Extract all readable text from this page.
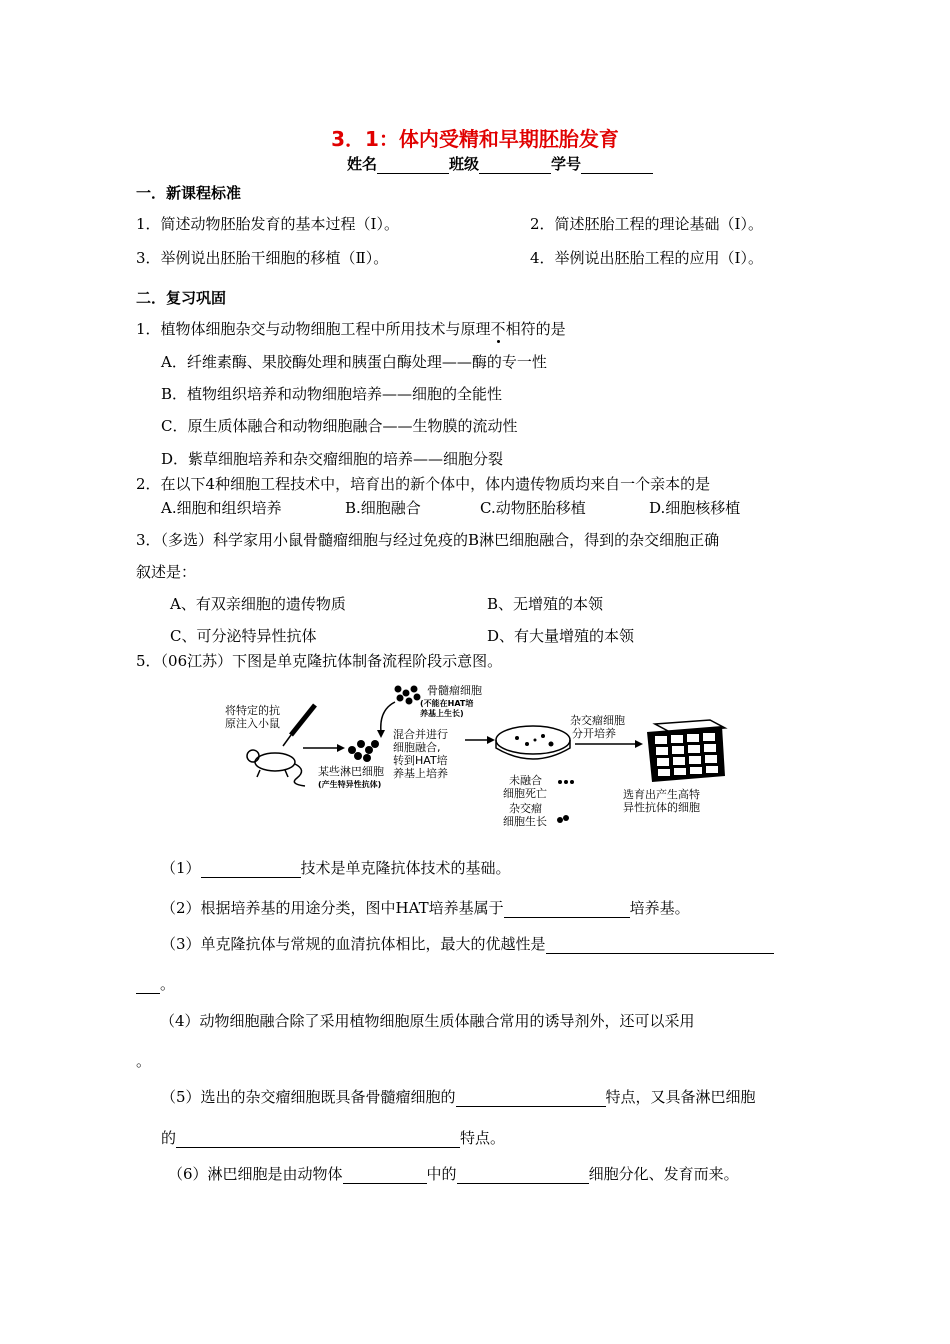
3．1：体内受精和早期胚胎发育
姓名	班级	学号
一．新课程标准
1．简述动物胚胎发育的基本过程（Ⅰ）。	2．简述胚胎工程的理论基础（Ⅰ）。
3．举例说出胚胎干细胞的移植（Ⅱ）。	4．举例说出胚胎工程的应用（Ⅰ）。
二．复习巩固
1．植物体细胞杂交与动物细胞工程中所用技术与原理不相符的是
A．纤维素酶、果胶酶处理和胰蛋白酶处理——酶的专一性
B．植物组织培养和动物细胞培养——细胞的全能性
C．原生质体融合和动物细胞融合——生物膜的流动性
D．紫草细胞培养和杂交瘤细胞的培养——细胞分裂
2．在以下4种细胞工程技术中，培育出的新个体中，体内遗传物质均来自一个亲本的是
A.细胞和组织培养	B.细胞融合	C.动物胚胎移植	D.细胞核移植
3．（多选）科学家用小鼠骨髓瘤细胞与经过免疫的B淋巴细胞融合，得到的杂交细胞正确
叙述是：
A、有双亲细胞的遗传物质	B、无增殖的本领
C、可分泌特异性抗体	D、有大量增殖的本领
5．（06江苏）下图是单克隆抗体制备流程阶段示意图。
将特定的抗
原注入小鼠
某些淋巴细胞
(产生特异性抗体)
骨髓瘤细胞
(不能在HAT培
养基上生长)
混合并进行
细胞融合,
转到HAT培
养基上培养
未融合
细胞死亡
杂交瘤
细胞生长
杂交瘤细胞
分开培养
选育出产生高特
异性抗体的细胞
（1）	技术是单克隆抗体技术的基础。
（2）根据培养基的用途分类，图中HAT培养基属于	培养基。
（3）单克隆抗体与常规的血清抗体相比，最大的优越性是
。
（4）动物细胞融合除了采用植物细胞原生质体融合常用的诱导剂外，还可以采用
。
（5）选出的杂交瘤细胞既具备骨髓瘤细胞的	特点，又具备淋巴细胞
的	特点。
（6）淋巴细胞是由动物体	中的	细胞分化、发育而来。
